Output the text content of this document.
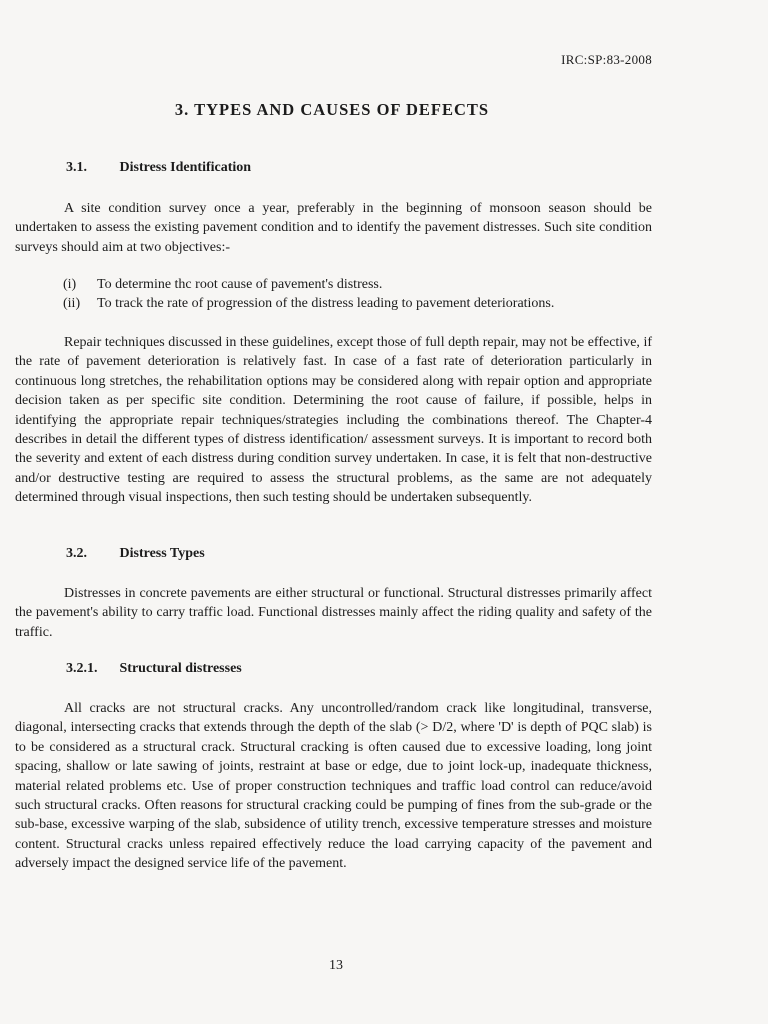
IRC:SP:83-2008
3. TYPES AND CAUSES OF DEFECTS
3.1. Distress Identification

A site condition survey once a year, preferably in the beginning of monsoon season should be undertaken to assess the existing pavement condition and to identify the pavement distresses. Such site condition surveys should aim at two objectives:-

(i)	To determine thc root cause of pavement's distress.
(ii)	To track the rate of progression of the distress leading to pavement deteriorations.

Repair techniques discussed in these guidelines, except those of full depth repair, may not be effective, if the rate of pavement deterioration is relatively fast. In case of a fast rate of deterioration particularly in continuous long stretches, the rehabilitation options may be considered along with repair option and appropriate decision taken as per specific site condition. Determining the root cause of failure, if possible, helps in identifying the appropriate repair techniques/strategies including the combinations thereof. The Chapter-4 describes in detail the different types of distress identification/ assessment surveys. It is important to record both the severity and extent of each distress during condition survey undertaken. In case, it is felt that non-destructive and/or destructive testing are required to assess the structural problems, as the same are not adequately determined through visual inspections, then such testing should be undertaken subsequently.

3.2. Distress Types

Distresses in concrete pavements are either structural or functional. Structural distresses primarily affect the pavement's ability to carry traffic load. Functional distresses mainly affect the riding quality and safety of the traffic.

3.2.1. Structural distresses

All cracks are not structural cracks. Any uncontrolled/random crack like longitudinal, transverse, diagonal, intersecting cracks that extends through the depth of the slab (> D/2, where 'D' is depth of PQC slab) is to be considered as a structural crack. Structural cracking is often caused due to excessive loading, long joint spacing, shallow or late sawing of joints, restraint at base or edge, due to joint lock-up, inadequate thickness, material related problems etc. Use of proper construction techniques and traffic load control can reduce/avoid such structural cracks. Often reasons for structural cracking could be pumping of fines from the sub-grade or the sub-base, excessive warping of the slab, subsidence of utility trench, excessive temperature stresses and moisture content. Structural cracks unless repaired effectively reduce the load carrying capacity of the pavement and adversely impact the designed service life of the pavement.

13
